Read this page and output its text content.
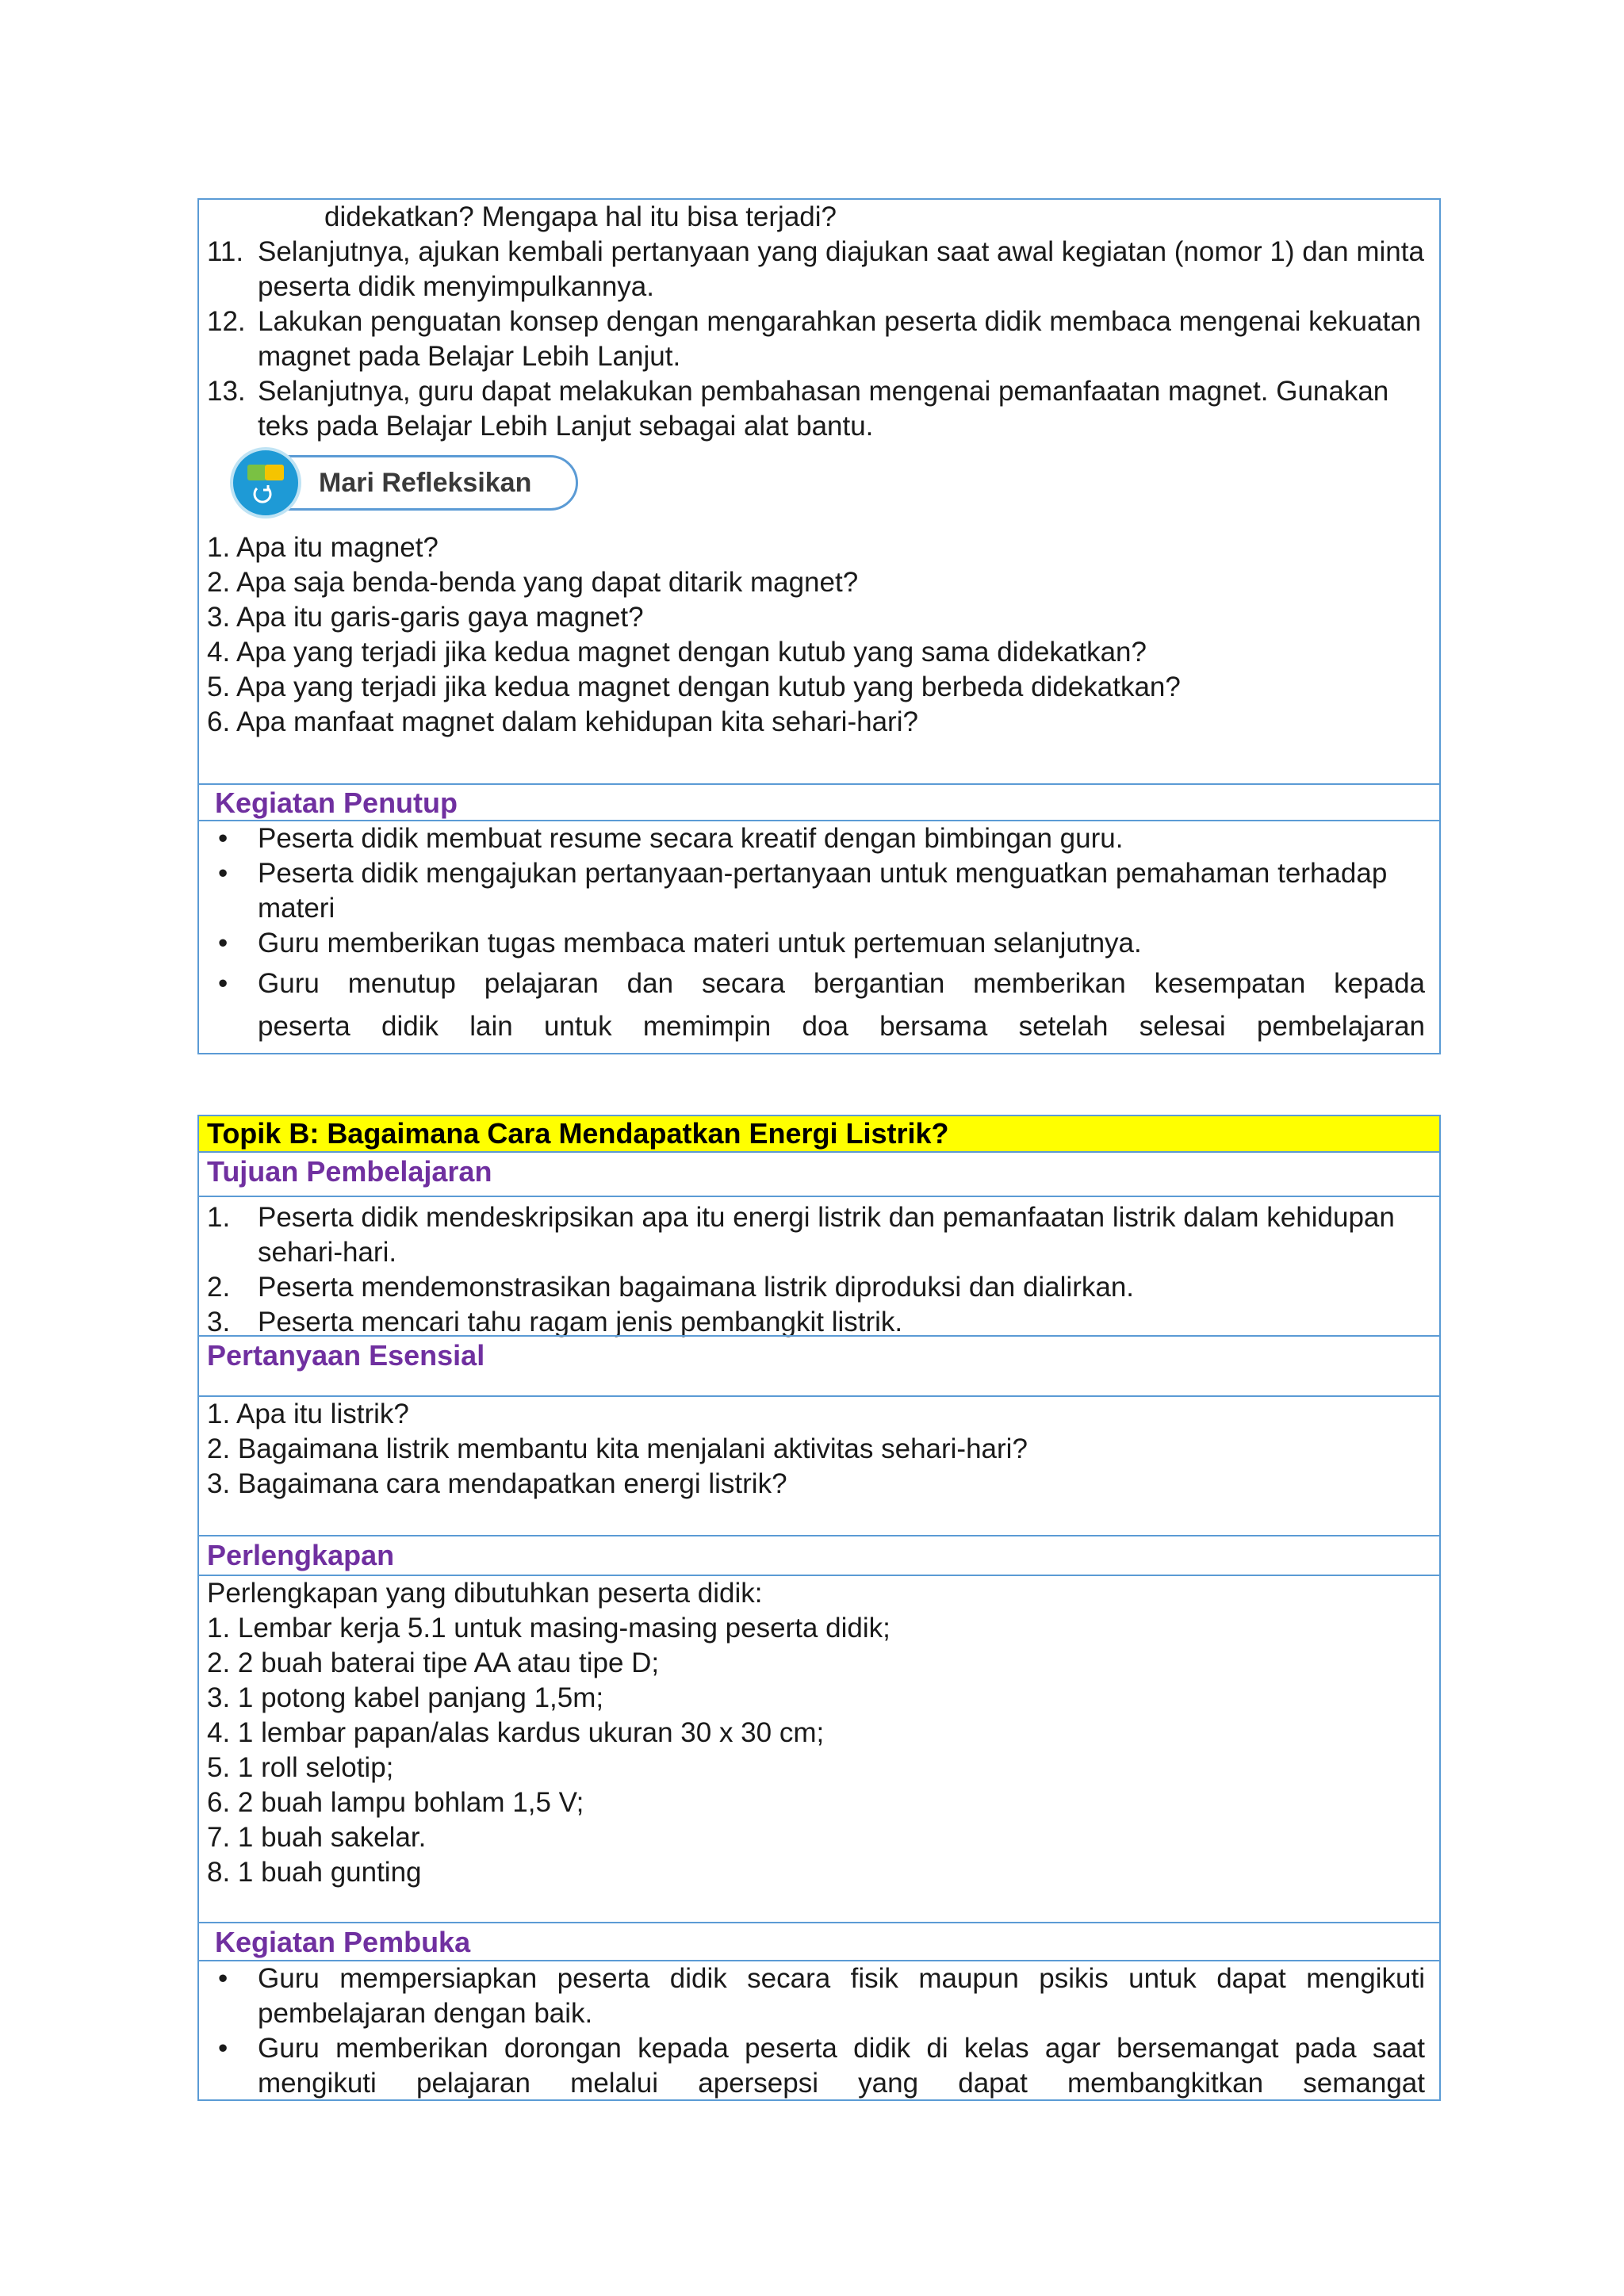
didekatkan? Mengapa hal itu bisa terjadi?
11. Selanjutnya, ajukan kembali pertanyaan yang diajukan saat awal kegiatan (nomor 1) dan minta peserta didik menyimpulkannya.
12. Lakukan penguatan konsep dengan mengarahkan peserta didik membaca mengenai kekuatan magnet pada Belajar Lebih Lanjut.
13. Selanjutnya, guru dapat melakukan pembahasan mengenai pemanfaatan magnet. Gunakan teks pada Belajar Lebih Lanjut sebagai alat bantu.
Mari Refleksikan
1. Apa itu magnet?
2. Apa saja benda-benda yang dapat ditarik magnet?
3. Apa itu garis-garis gaya magnet?
4. Apa yang terjadi jika kedua magnet dengan kutub yang sama didekatkan?
5. Apa yang terjadi jika kedua magnet dengan kutub yang berbeda didekatkan?
6. Apa manfaat magnet dalam kehidupan kita sehari-hari?
Kegiatan Penutup
•	Peserta didik membuat resume secara kreatif dengan bimbingan guru.
•	Peserta didik mengajukan pertanyaan-pertanyaan untuk menguatkan pemahaman terhadap materi
•	Guru memberikan tugas membaca materi untuk pertemuan selanjutnya.
•	Guru menutup pelajaran dan secara bergantian memberikan kesempatan kepada
peserta didik lain untuk memimpin doa bersama setelah selesai pembelajaran
Topik B: Bagaimana Cara Mendapatkan Energi Listrik?
Tujuan Pembelajaran
1. Peserta didik mendeskripsikan apa itu energi listrik dan pemanfaatan listrik dalam kehidupan sehari-hari.
2. Peserta mendemonstrasikan bagaimana listrik diproduksi dan dialirkan.
3. Peserta mencari tahu ragam jenis pembangkit listrik.
Pertanyaan Esensial
1. Apa itu listrik?
2. Bagaimana listrik membantu kita menjalani aktivitas sehari-hari?
3. Bagaimana cara mendapatkan energi listrik?
Perlengkapan
Perlengkapan yang dibutuhkan peserta didik:
1. Lembar kerja 5.1 untuk masing-masing peserta didik;
2. 2 buah baterai tipe AA atau tipe D;
3. 1 potong kabel panjang 1,5m;
4. 1 lembar papan/alas kardus ukuran 30 x 30 cm;
5. 1 roll selotip;
6. 2 buah lampu bohlam 1,5 V;
7. 1 buah sakelar.
8. 1 buah gunting
Kegiatan Pembuka
•	Guru mempersiapkan peserta didik secara fisik maupun psikis untuk dapat mengikuti pembelajaran dengan baik.
•	Guru memberikan dorongan kepada peserta didik di kelas agar bersemangat pada saat mengikuti pelajaran melalui apersepsi yang dapat membangkitkan semangat
